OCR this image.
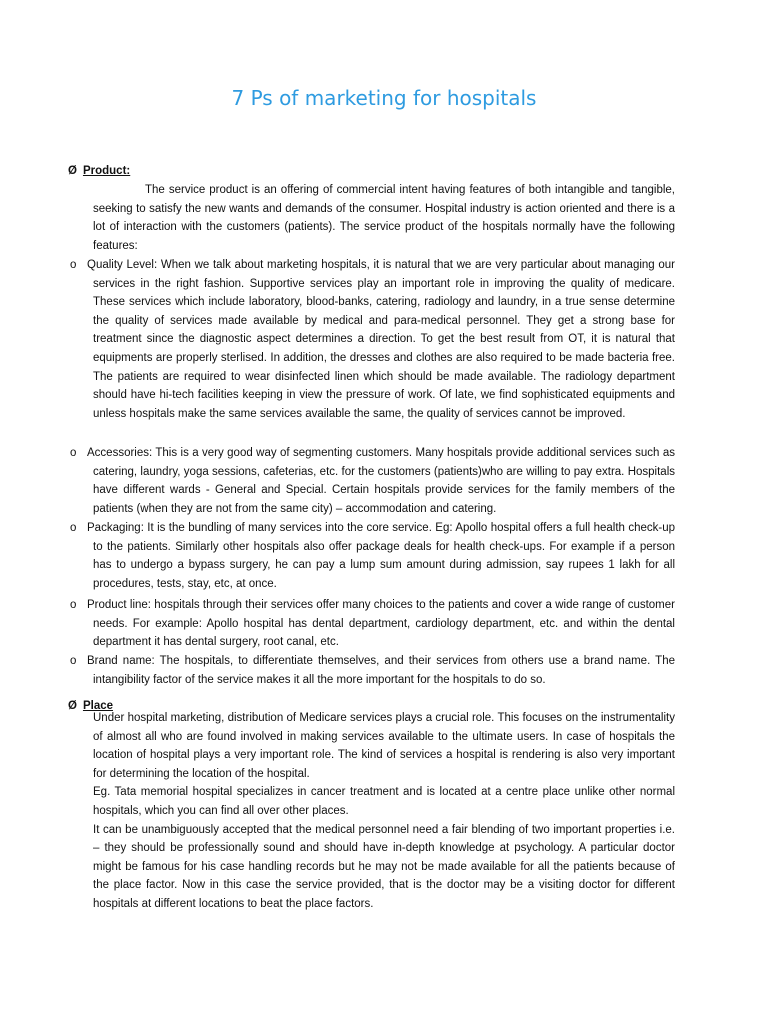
7 Ps of marketing for hospitals
Ø Product:

The service product is an offering of commercial intent having features of both intangible and tangible, seeking to satisfy the new wants and demands of the consumer. Hospital industry is action oriented and there is a lot of interaction with the customers (patients). The service product of the hospitals normally have the following features:

o Quality Level: When we talk about marketing hospitals, it is natural that we are very particular about managing our services in the right fashion. Supportive services play an important role in improving the quality of medicare. These services which include laboratory, blood-banks, catering, radiology and laundry, in a true sense determine the quality of services made available by medical and para-medical personnel. They get a strong base for treatment since the diagnostic aspect determines a direction. To get the best result from OT, it is natural that equipments are properly sterlised. In addition, the dresses and clothes are also required to be made bacteria free. The patients are required to wear disinfected linen which should be made available. The radiology department should have hi-tech facilities keeping in view the pressure of work. Of late, we find sophisticated equipments and unless hospitals make the same services available the same, the quality of services cannot be improved.
o Accessories: This is a very good way of segmenting customers. Many hospitals provide additional services such as catering, laundry, yoga sessions, cafeterias, etc. for the customers (patients)who are willing to pay extra. Hospitals have different wards - General and Special. Certain hospitals provide services for the family members of the patients (when they are not from the same city) – accommodation and catering.
o Packaging: It is the bundling of many services into the core service. Eg: Apollo hospital offers a full health check-up to the patients. Similarly other hospitals also offer package deals for health check-ups. For example if a person has to undergo a bypass surgery, he can pay a lump sum amount during admission, say rupees 1 lakh for all procedures, tests, stay, etc, at once.
o Product line: hospitals through their services offer many choices to the patients and cover a wide range of customer needs. For example: Apollo hospital has dental department, cardiology department, etc. and within the dental department it has dental surgery, root canal, etc.
o Brand name: The hospitals, to differentiate themselves, and their services from others use a brand name. The intangibility factor of the service makes it all the more important for the hospitals to do so.
Ø Place

Under hospital marketing, distribution of Medicare services plays a crucial role. This focuses on the instrumentality of almost all who are found involved in making services available to the ultimate users. In case of hospitals the location of hospital plays a very important role. The kind of services a hospital is rendering is also very important for determining the location of the hospital.

Eg. Tata memorial hospital specializes in cancer treatment and is located at a centre place unlike other normal hospitals, which you can find all over other places.

It can be unambiguously accepted that the medical personnel need a fair blending of two important properties i.e. – they should be professionally sound and should have in-depth knowledge at psychology. A particular doctor might be famous for his case handling records but he may not be made available for all the patients because of the place factor. Now in this case the service provided, that is the doctor may be a visiting doctor for different hospitals at different locations to beat the place factors.
